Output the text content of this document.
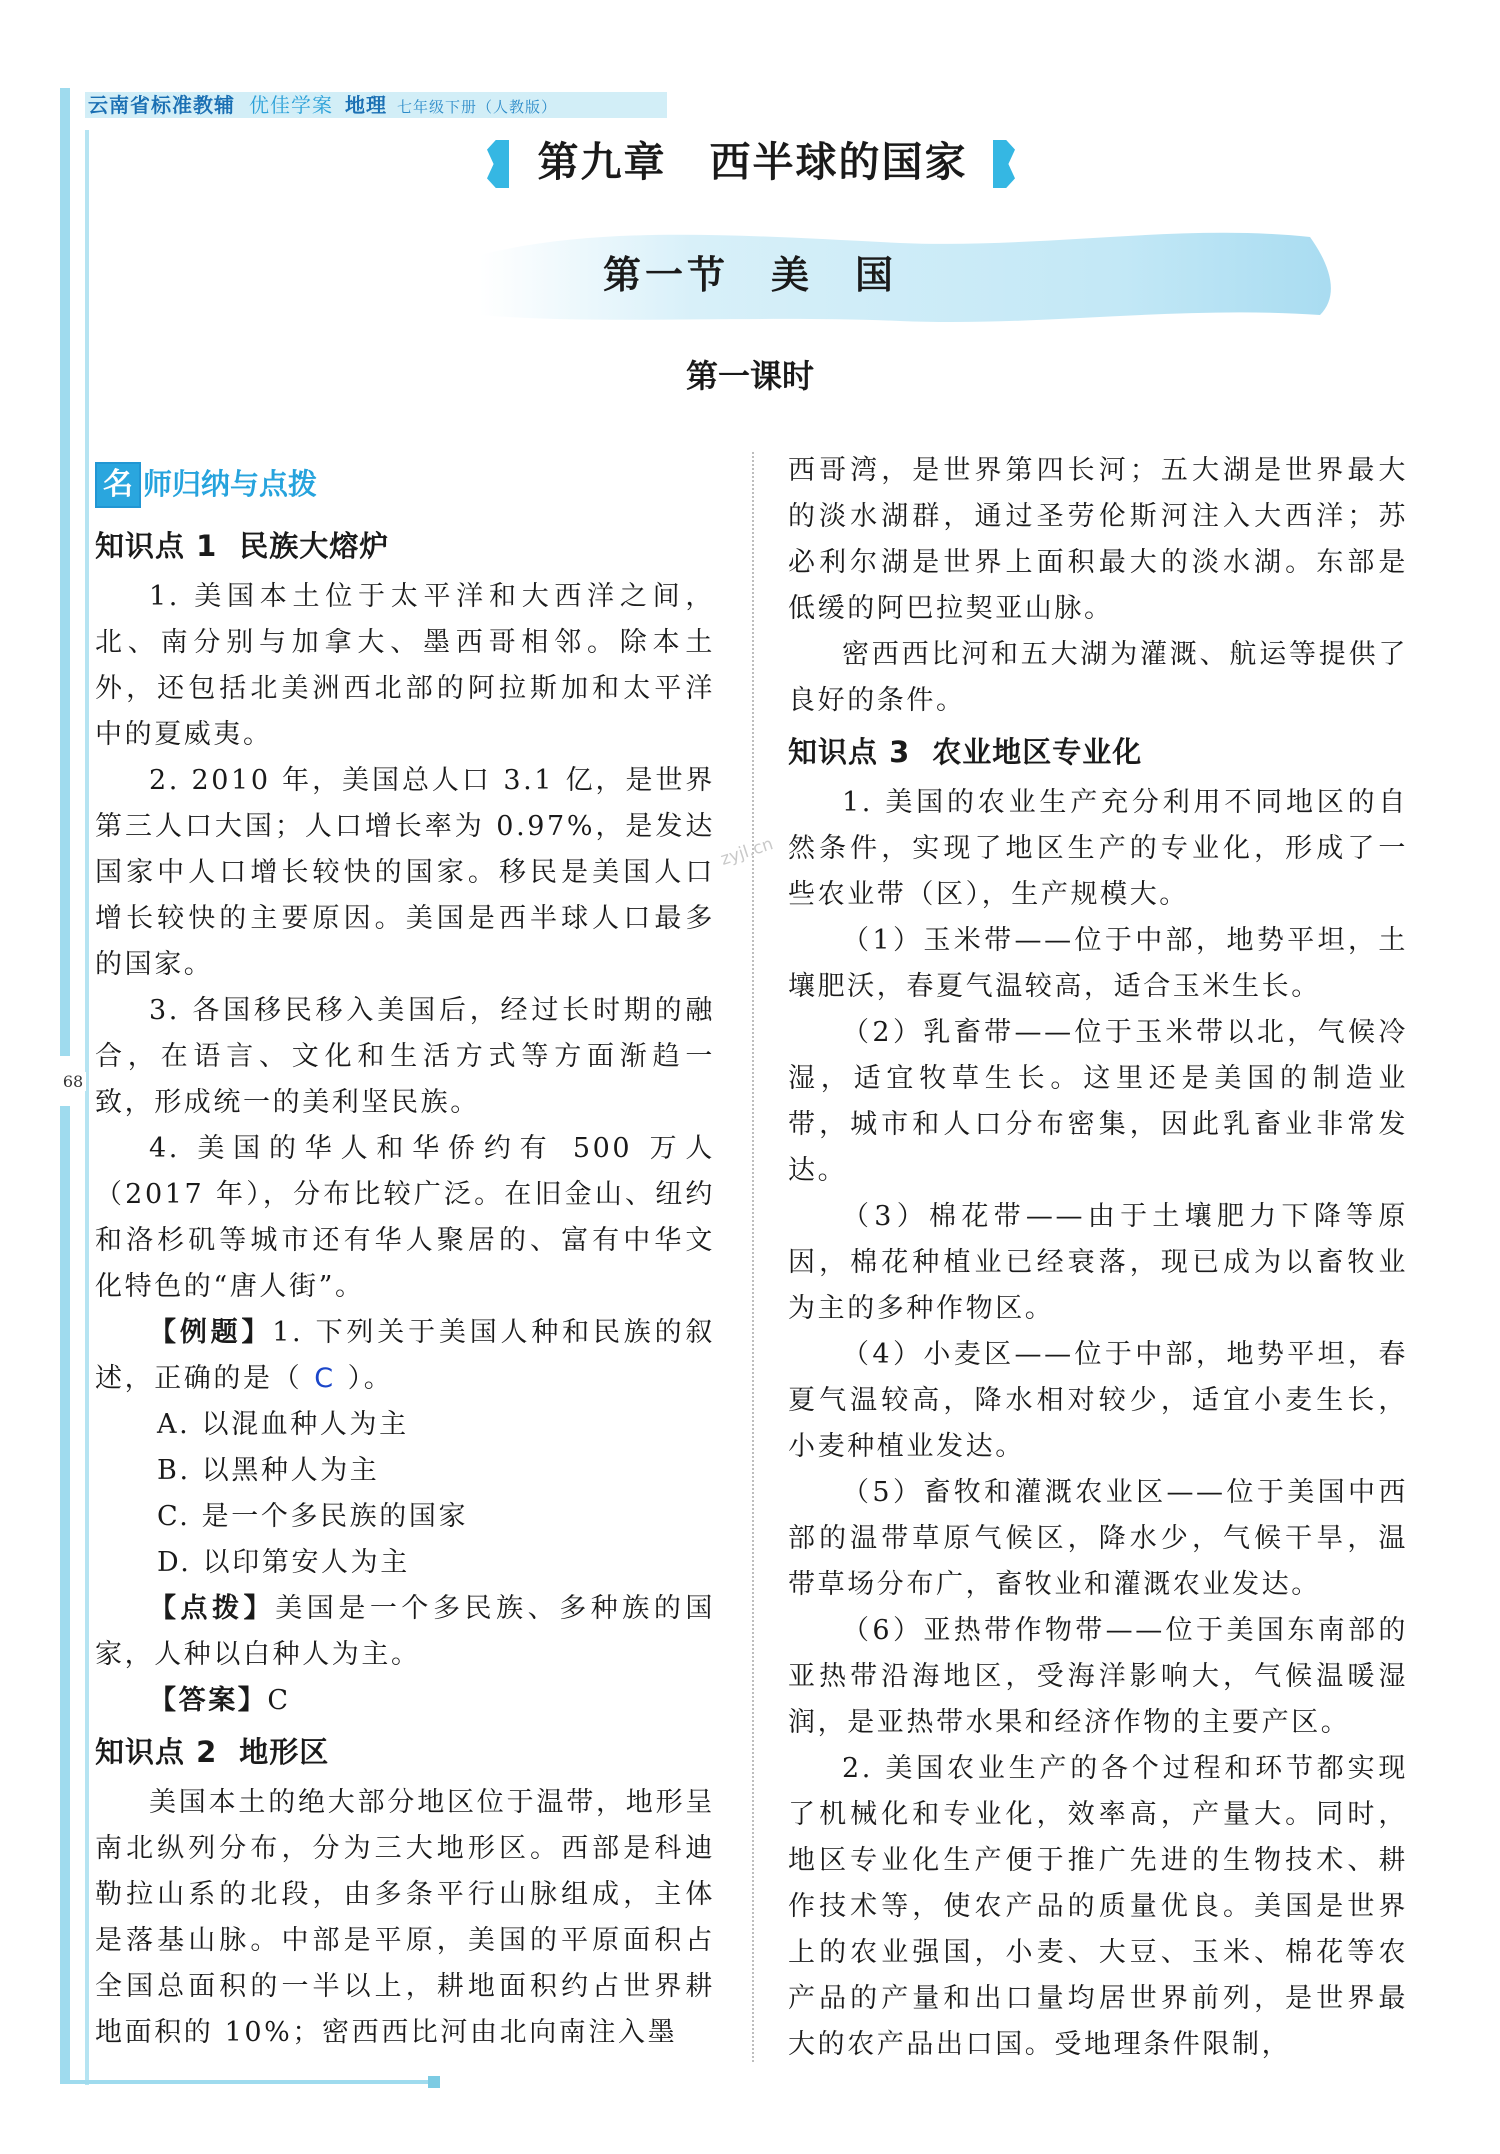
云南省标准教辅 优佳学案 地理 七年级下册（人教版）
第九章　西半球的国家
第一节　美　国
第一课时
名 师归纳与点拨
68
知识点 1 民族大熔炉

1. 美国本土位于太平洋和大西洋之间，北、南分别与加拿大、墨西哥相邻。除本土外，还包括北美洲西北部的阿拉斯加和太平洋中的夏威夷。

2. 2010 年，美国总人口 3.1 亿，是世界第三人口大国；人口增长率为 0.97%，是发达国家中人口增长较快的国家。移民是美国人口增长较快的主要原因。美国是西半球人口最多的国家。

3. 各国移民移入美国后，经过长时期的融合，在语言、文化和生活方式等方面渐趋一致，形成统一的美利坚民族。

4. 美国的华人和华侨约有 500 万人（2017 年），分布比较广泛。在旧金山、纽约和洛杉矶等城市还有华人聚居的、富有中华文化特色的“唐人街”。

【例题】1. 下列关于美国人种和民族的叙述，正确的是（ C ）。

A. 以混血种人为主

B. 以黑种人为主

C. 是一个多民族的国家

D. 以印第安人为主

【点拨】美国是一个多民族、多种族的国家，人种以白种人为主。

【答案】C

知识点 2 地形区

美国本土的绝大部分地区位于温带，地形呈南北纵列分布，分为三大地形区。西部是科迪勒拉山系的北段，由多条平行山脉组成，主体是落基山脉。中部是平原，美国的平原面积占全国总面积的一半以上，耕地面积约占世界耕地面积的 10%；密西西比河由北向南注入墨

西哥湾，是世界第四长河；五大湖是世界最大的淡水湖群，通过圣劳伦斯河注入大西洋；苏必利尔湖是世界上面积最大的淡水湖。东部是低缓的阿巴拉契亚山脉。

密西西比河和五大湖为灌溉、航运等提供了良好的条件。

知识点 3 农业地区专业化

1. 美国的农业生产充分利用不同地区的自然条件，实现了地区生产的专业化，形成了一些农业带（区），生产规模大。

（1）玉米带——位于中部，地势平坦，土壤肥沃，春夏气温较高，适合玉米生长。

（2）乳畜带——位于玉米带以北，气候冷湿，适宜牧草生长。这里还是美国的制造业带，城市和人口分布密集，因此乳畜业非常发达。

（3）棉花带——由于土壤肥力下降等原因，棉花种植业已经衰落，现已成为以畜牧业为主的多种作物区。

（4）小麦区——位于中部，地势平坦，春夏气温较高，降水相对较少，适宜小麦生长，小麦种植业发达。

（5）畜牧和灌溉农业区——位于美国中西部的温带草原气候区，降水少，气候干旱，温带草场分布广，畜牧业和灌溉农业发达。

（6）亚热带作物带——位于美国东南部的亚热带沿海地区，受海洋影响大，气候温暖湿润，是亚热带水果和经济作物的主要产区。

2. 美国农业生产的各个过程和环节都实现了机械化和专业化，效率高，产量大。同时，地区专业化生产便于推广先进的生物技术、耕作技术等，使农产品的质量优良。美国是世界上的农业强国，小麦、大豆、玉米、棉花等农产品的产量和出口量均居世界前列，是世界最大的农产品出口国。受地理条件限制，

zyjl.cn
